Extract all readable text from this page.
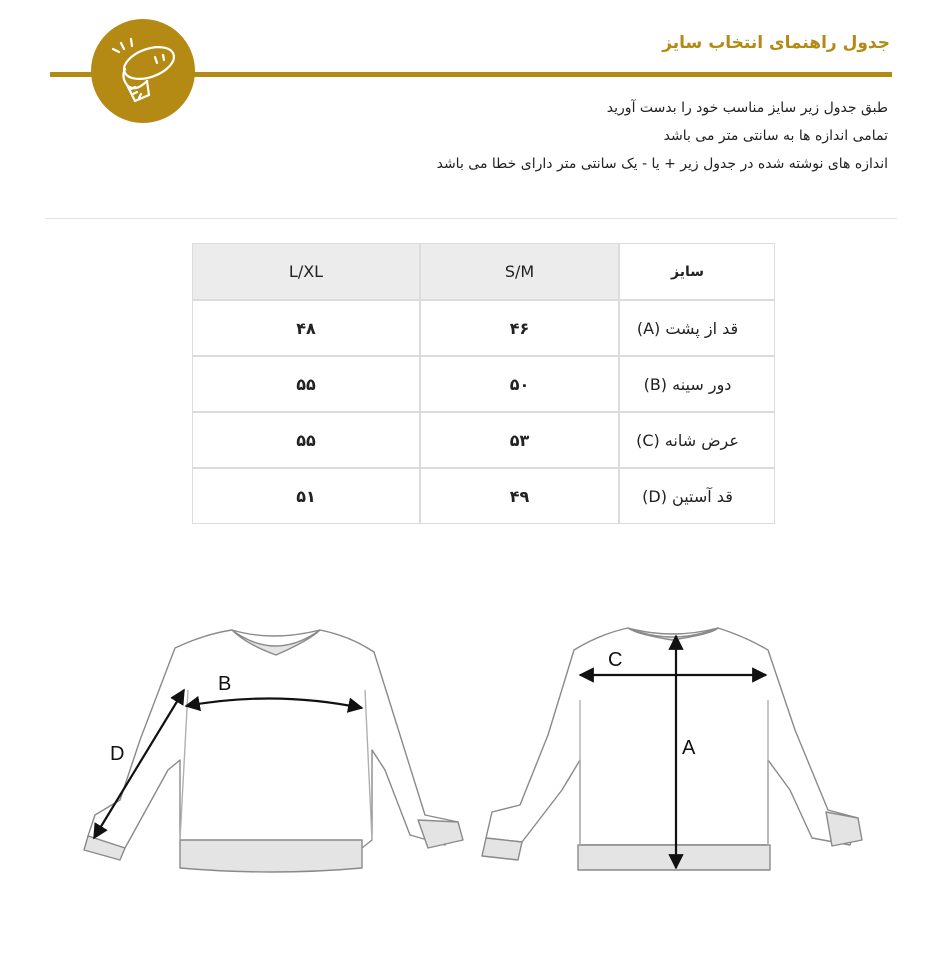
جدول راهنمای انتخاب سایز
طبق جدول زیر سایز مناسب خود را بدست آورید
تمامی اندازه ها به سانتی متر می باشد
اندازه های نوشته شده در جدول زیر + یا - یک سانتی متر دارای خطا می باشد
L/XL	S/M	سایز
۴۸	۴۶	قد از پشت (A)
۵۵	۵۰	دور سینه (B)
۵۵	۵۳	عرض شانه (C)
۵۱	۴۹	قد آستین (D)
B
D
C
A
